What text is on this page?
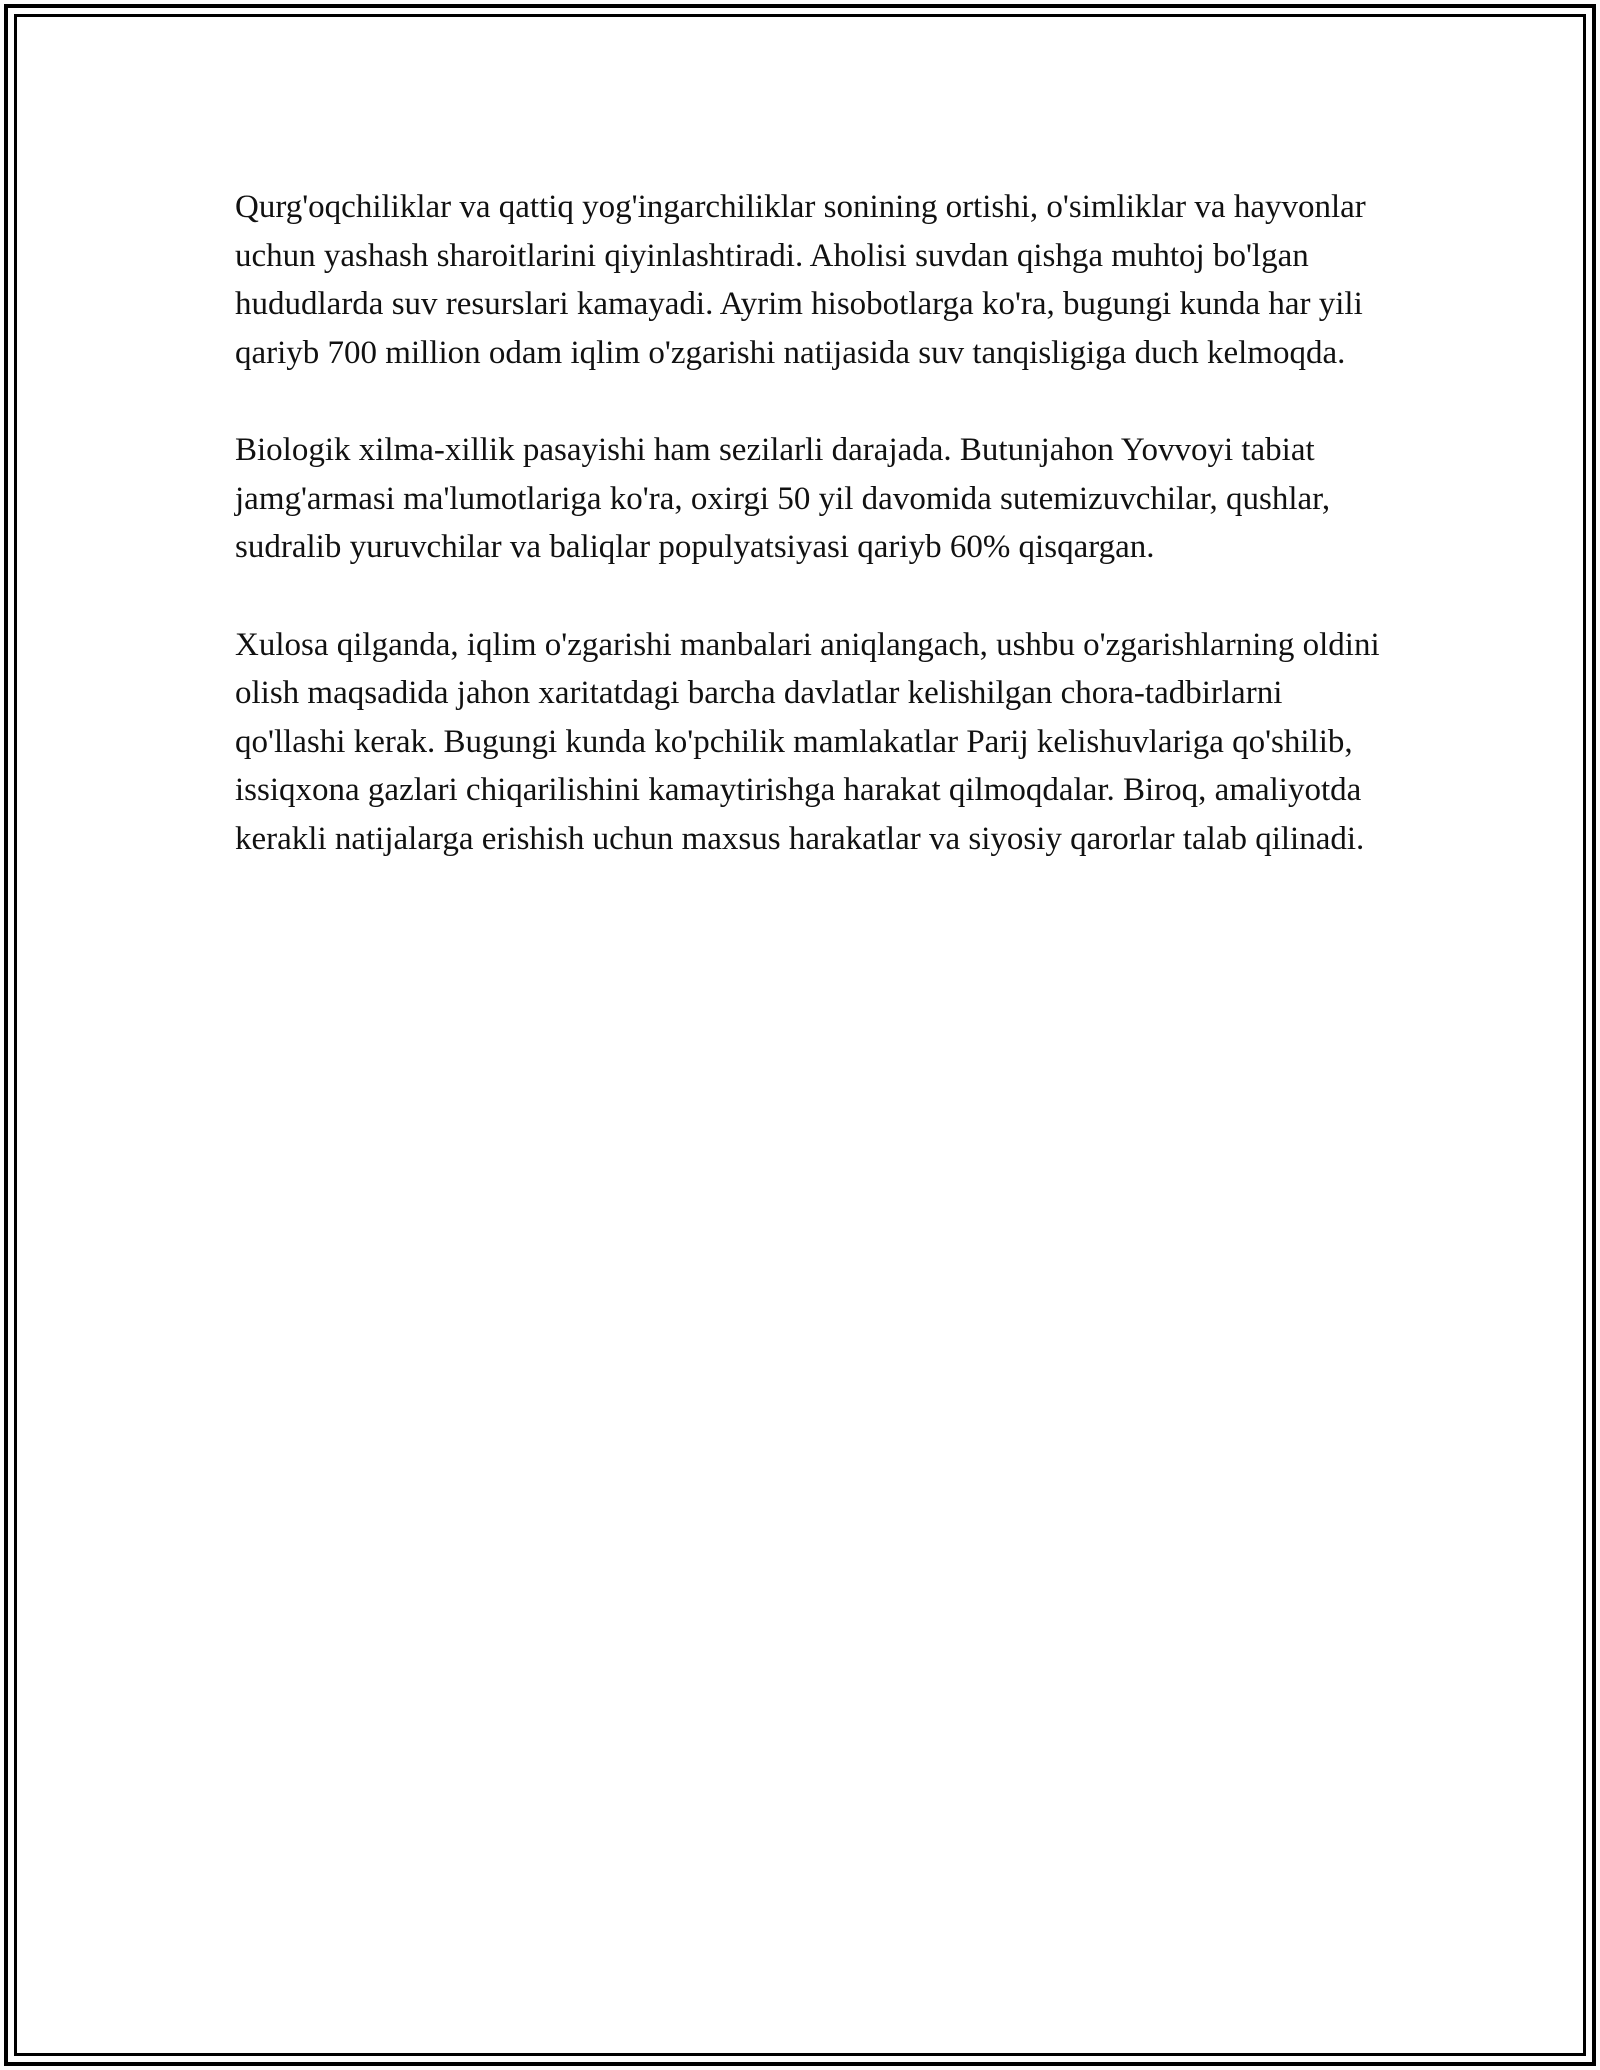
Qurg'oqchiliklar va qattiq yog'ingarchiliklar sonining ortishi, o'simliklar va hayvonlar uchun yashash sharoitlarini qiyinlashtiradi. Aholisi suvdan qishga muhtoj bo'lgan hududlarda suv resurslari kamayadi. Ayrim hisobotlarga ko'ra, bugungi kunda har yili qariyb 700 million odam iqlim o'zgarishi natijasida suv tanqisligiga duch kelmoqda.

Biologik xilma-xillik pasayishi ham sezilarli darajada. Butunjahon Yovvoyi tabiat jamg'armasi ma'lumotlariga ko'ra, oxirgi 50 yil davomida sutemizuvchilar, qushlar, sudralib yuruvchilar va baliqlar populyatsiyasi qariyb 60% qisqargan.

Xulosa qilganda, iqlim o'zgarishi manbalari aniqlangach, ushbu o'zgarishlarning oldini olish maqsadida jahon xaritatdagi barcha davlatlar kelishilgan chora-tadbirlarni qo'llashi kerak. Bugungi kunda ko'pchilik mamlakatlar Parij kelishuvlariga qo'shilib, issiqxona gazlari chiqarilishini kamaytirishga harakat qilmoqdalar. Biroq, amaliyotda kerakli natijalarga erishish uchun maxsus harakatlar va siyosiy qarorlar talab qilinadi.
